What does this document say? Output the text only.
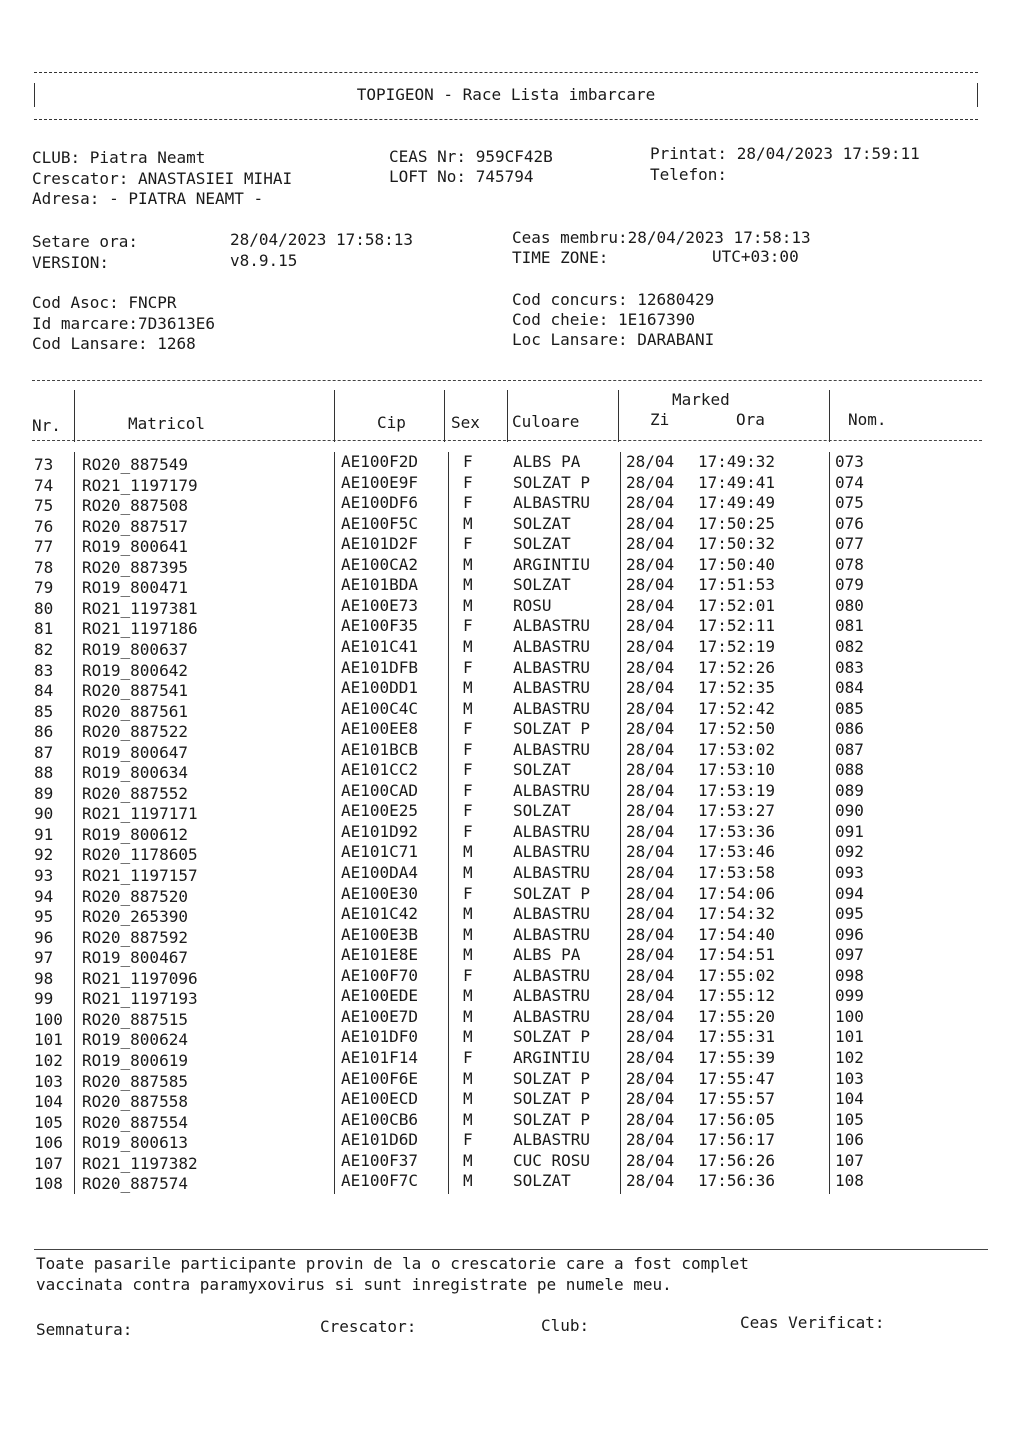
TOPIGEON - Race Lista imbarcare
CLUB: Piatra Neamt
Crescator: ANASTASIEI MIHAI
Adresa: - PIATRA NEAMT -
CEAS Nr: 959CF42B
LOFT No: 745794
Printat: 28/04/2023 17:59:11
Telefon:
Setare ora:	28/04/2023 17:58:13
VERSION:	v8.9.15
Ceas membru:28/04/2023 17:58:13
TIME ZONE:	UTC+03:00
Cod Asoc: FNCPR
Id marcare:7D3613E6
Cod Lansare: 1268
Cod concurs: 12680429
Cod cheie: 1E167390
Loc Lansare: DARABANI
Nr.	Matricol	Cip	Sex Culoare
Marked
Zi	Ora	Nom.
73 RO20_887549	AE100F2D	F	ALBS PA	28/04 17:49:32	073
74 RO21_1197179	AE100E9F	F	SOLZAT P 28/04 17:49:41	074
75 RO20_887508	AE100DF6	F	ALBASTRU 28/04 17:49:49	075
76 RO20_887517	AE100F5C	M	SOLZAT	28/04 17:50:25	076
77 RO19_800641	AE101D2F	F	SOLZAT	28/04 17:50:32	077
78 RO20_887395	AE100CA2	M	ARGINTIU 28/04 17:50:40	078
79 RO19_800471	AE101BDA	M	SOLZAT	28/04 17:51:53	079
80 RO21_1197381	AE100E73	M	ROSU	28/04 17:52:01	080
81 RO21_1197186	AE100F35	F	ALBASTRU 28/04 17:52:11	081
82 RO19_800637	AE101C41	M	ALBASTRU 28/04 17:52:19	082
83 RO19_800642	AE101DFB	F	ALBASTRU 28/04 17:52:26	083
84 RO20_887541	AE100DD1	M	ALBASTRU 28/04 17:52:35	084
85 RO20_887561	AE100C4C	M	ALBASTRU 28/04 17:52:42	085
86 RO20_887522	AE100EE8	F	SOLZAT P 28/04 17:52:50	086
87 RO19_800647	AE101BCB	F	ALBASTRU 28/04 17:53:02	087
88 RO19_800634	AE101CC2	F	SOLZAT	28/04 17:53:10	088
89 RO20_887552	AE100CAD	F	ALBASTRU 28/04 17:53:19	089
90 RO21_1197171	AE100E25	F	SOLZAT	28/04 17:53:27	090
91 RO19_800612	AE101D92	F	ALBASTRU 28/04 17:53:36	091
92 RO20_1178605	AE101C71	M	ALBASTRU 28/04 17:53:46	092
93 RO21_1197157	AE100DA4	M	ALBASTRU 28/04 17:53:58	093
94 RO20_887520	AE100E30	F	SOLZAT P 28/04 17:54:06	094
95 RO20_265390	AE101C42	M	ALBASTRU 28/04 17:54:32	095
96 RO20_887592	AE100E3B	M	ALBASTRU 28/04 17:54:40	096
97 RO19_800467	AE101E8E	M	ALBS PA	28/04 17:54:51	097
98 RO21_1197096	AE100F70	F	ALBASTRU 28/04 17:55:02	098
99 RO21_1197193	AE100EDE	M	ALBASTRU 28/04 17:55:12	099
100 RO20_887515	AE100E7D	M	ALBASTRU 28/04 17:55:20	100
101 RO19_800624	AE101DF0	M	SOLZAT P 28/04 17:55:31	101
102 RO19_800619	AE101F14	F	ARGINTIU 28/04 17:55:39	102
103 RO20_887585	AE100F6E	M	SOLZAT P 28/04 17:55:47	103
104 RO20_887558	AE100ECD	M	SOLZAT P 28/04 17:55:57	104
105 RO20_887554	AE100CB6	M	SOLZAT P 28/04 17:56:05	105
106 RO19_800613	AE101D6D	F	ALBASTRU 28/04 17:56:17	106
107 RO21_1197382	AE100F37	M	CUC ROSU 28/04 17:56:26	107
108 RO20_887574	AE100F7C	M	SOLZAT	28/04 17:56:36	108
Toate pasarile participante provin de la o crescatorie care a fost complet
vaccinata contra paramyxovirus si sunt inregistrate pe numele meu.
Semnatura:	Crescator:	Club:	Ceas Verificat:
